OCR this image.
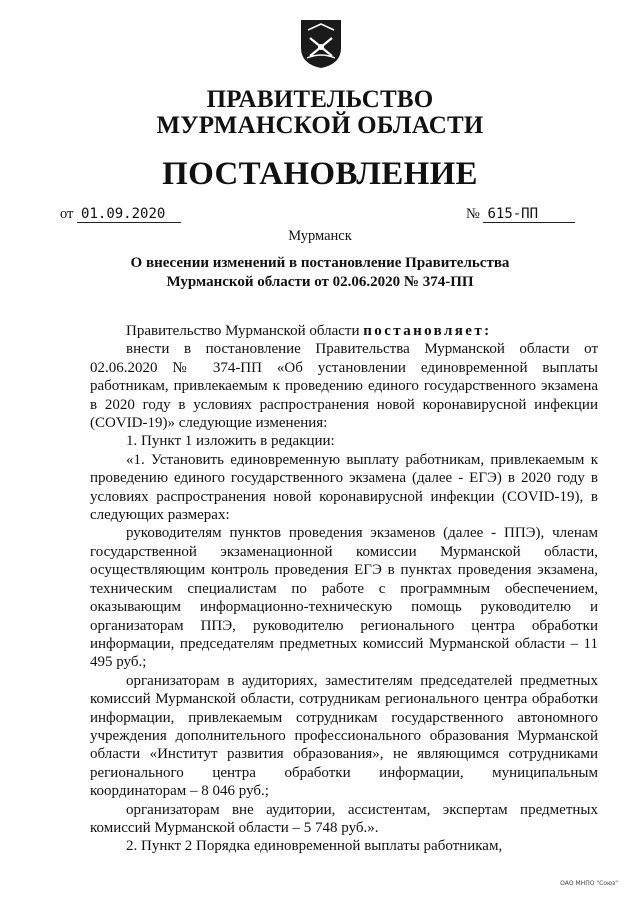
ПРАВИТЕЛЬСТВО
МУРМАНСКОЙ ОБЛАСТИ
ПОСТАНОВЛЕНИЕ
от 01.09.2020	№ 615-ПП
Мурманск
О внесении изменений в постановление Правительства
Мурманской области от 02.06.2020 № 374-ПП

Правительство Мурманской области постановляет:

внести в постановление Правительства Мурманской области от 02.06.2020 № 374-ПП «Об установлении единовременной выплаты работникам, привлекаемым к проведению единого государственного экзамена в 2020 году в условиях распространения новой коронавирусной инфекции (COVID-19)» следующие изменения:

1. Пункт 1 изложить в редакции:

«1. Установить единовременную выплату работникам, привлекаемым к проведению единого государственного экзамена (далее - ЕГЭ) в 2020 году в условиях распространения новой коронавирусной инфекции (COVID-19), в следующих размерах:

руководителям пунктов проведения экзаменов (далее - ППЭ), членам государственной экзаменационной комиссии Мурманской области, осуществляющим контроль проведения ЕГЭ в пунктах проведения экзамена, техническим специалистам по работе с программным обеспечением, оказывающим информационно-техническую помощь руководителю и организаторам ППЭ, руководителю регионального центра обработки информации, председателям предметных комиссий Мурманской области – 11 495 руб.;

организаторам в аудиториях, заместителям председателей предметных комиссий Мурманской области, сотрудникам регионального центра обработки информации, привлекаемым сотрудникам государственного автономного учреждения дополнительного профессионального образования Мурманской области «Институт развития образования», не являющимся сотрудниками регионального центра обработки информации, муниципальным координаторам – 8 046 руб.;

организаторам вне аудитории, ассистентам, экспертам предметных комиссий Мурманской области – 5 748 руб.».

2. Пункт 2 Порядка единовременной выплаты работникам,

ОАО МНПО "Союз"
